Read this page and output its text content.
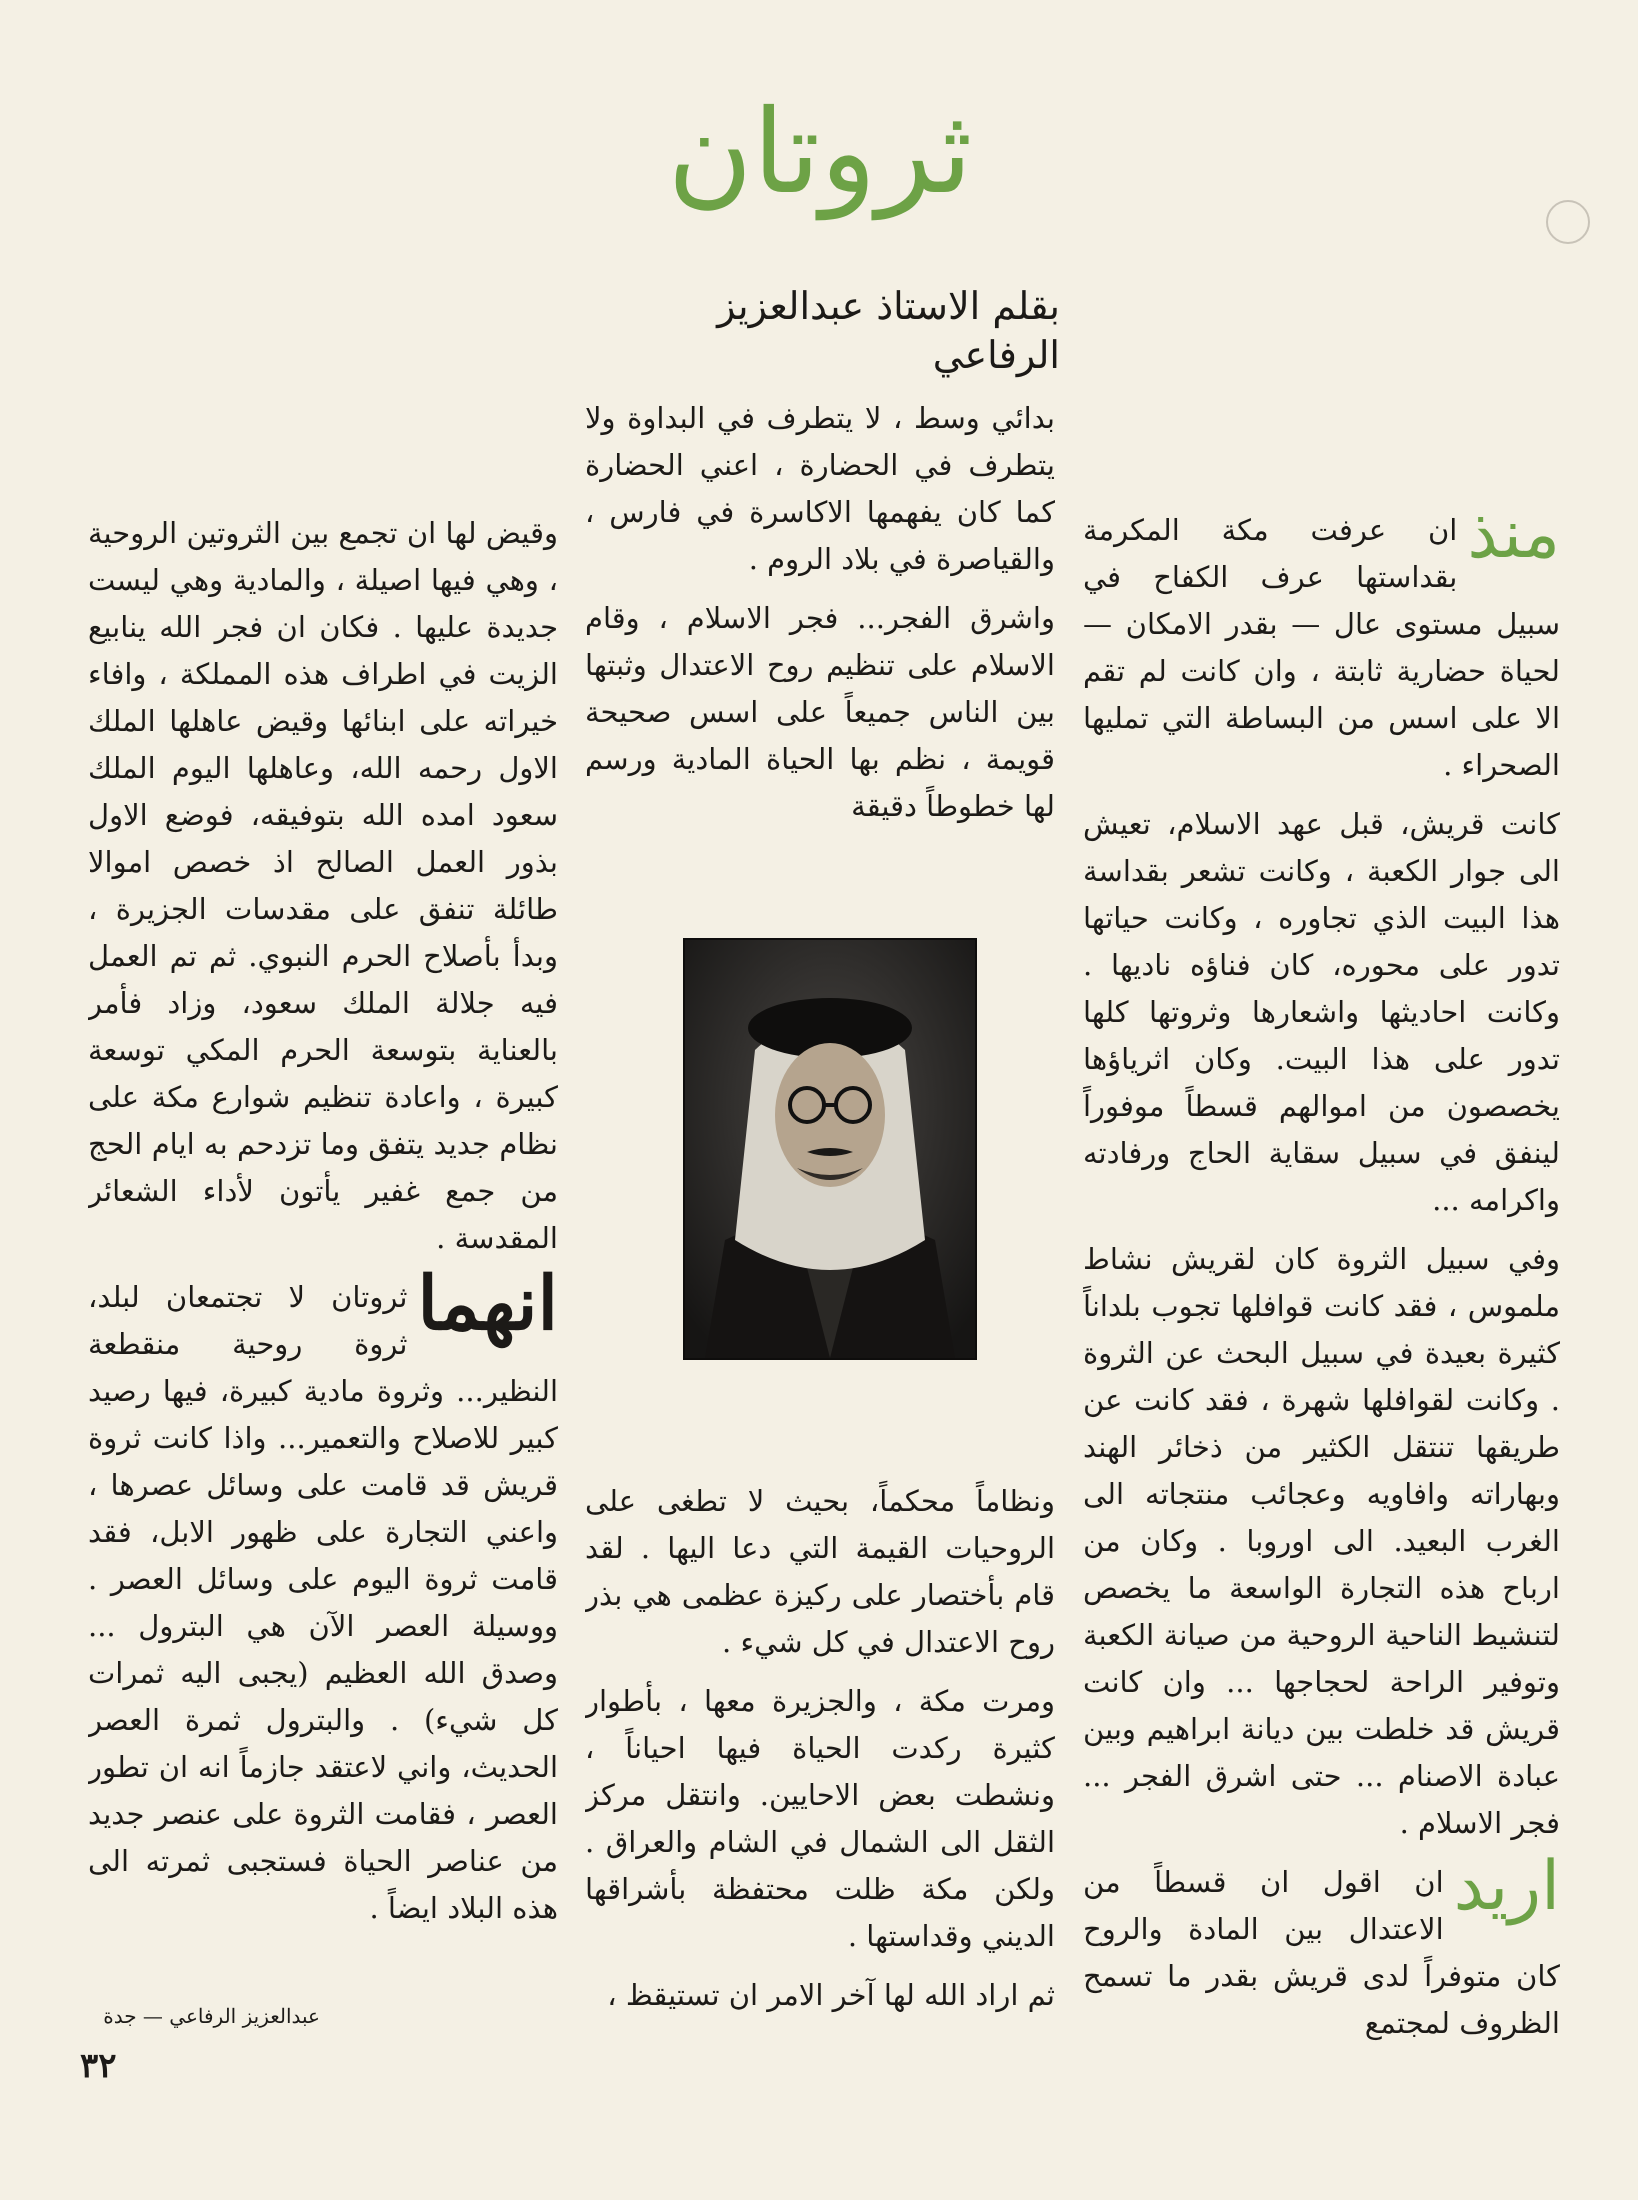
ثروتان
بقلم الاستاذ عبدالعزيز الرفاعي

منذ
ان عرفت مكة المكرمة بقداستها عرف الكفاح في سبيل مستوى عال — بقدر الامكان — لحياة حضارية ثابتة ، وان كانت لم تقم الا على اسس من البساطة التي تمليها الصحراء .

كانت قريش، قبل عهد الاسلام، تعيش الى جوار الكعبة ، وكانت تشعر بقداسة هذا البيت الذي تجاوره ، وكانت حياتها تدور على محوره، كان فناؤه ناديها . وكانت احاديثها واشعارها وثروتها كلها تدور على هذا البيت. وكان اثرياؤها يخصصون من اموالهم قسطاً موفوراً لينفق في سبيل سقاية الحاج ورفادته واكرامه ...

وفي سبيل الثروة كان لقريش نشاط ملموس ، فقد كانت قوافلها تجوب بلداناً كثيرة بعيدة في سبيل البحث عن الثروة . وكانت لقوافلها شهرة ، فقد كانت عن طريقها تنتقل الكثير من ذخائر الهند وبهاراته وافاويه وعجائب منتجاته الى الغرب البعيد. الى اوروبا . وكان من ارباح هذه التجارة الواسعة ما يخصص لتنشيط الناحية الروحية من صيانة الكعبة وتوفير الراحة لحجاجها ... وان كانت قريش قد خلطت بين ديانة ابراهيم وبين عبادة الاصنام ... حتى اشرق الفجر ... فجر الاسلام .

اريد
ان اقول ان قسطاً من الاعتدال بين المادة والروح كان متوفراً لدى قريش بقدر ما تسمح الظروف لمجتمع

بدائي وسط ، لا يتطرف في البداوة ولا يتطرف في الحضارة ، اعني الحضارة كما كان يفهمها الاكاسرة في فارس ، والقياصرة في بلاد الروم .

واشرق الفجر... فجر الاسلام ، وقام الاسلام على تنظيم روح الاعتدال وثبتها بين الناس جميعاً على اسس صحيحة قويمة ، نظم بها الحياة المادية ورسم لها خطوطاً دقيقة

ونظاماً محكماً، بحيث لا تطغى على الروحيات القيمة التي دعا اليها . لقد قام بأختصار على ركيزة عظمى هي بذر روح الاعتدال في كل شيء .

ومرت مكة ، والجزيرة معها ، بأطوار كثيرة ركدت الحياة فيها احياناً ، ونشطت بعض الاحايين. وانتقل مركز الثقل الى الشمال في الشام والعراق . ولكن مكة ظلت محتفظة بأشراقها الديني وقداستها .

ثم اراد الله لها آخر الامر ان تستيقظ ،

وقيض لها ان تجمع بين الثروتين الروحية ، وهي فيها اصيلة ، والمادية وهي ليست جديدة عليها . فكان ان فجر الله ينابيع الزيت في اطراف هذه المملكة ، وافاء خيراته على ابنائها وقيض عاهلها الملك الاول رحمه الله، وعاهلها اليوم الملك سعود امده الله بتوفيقه، فوضع الاول بذور العمل الصالح اذ خصص اموالا طائلة تنفق على مقدسات الجزيرة ، وبدأ بأصلاح الحرم النبوي. ثم تم العمل فيه جلالة الملك سعود، وزاد فأمر بالعناية بتوسعة الحرم المكي توسعة كبيرة ، واعادة تنظيم شوارع مكة على نظام جديد يتفق وما تزدحم به ايام الحج من جمع غفير يأتون لأداء الشعائر المقدسة .

انهما
ثروتان لا تجتمعان لبلد، ثروة روحية منقطعة النظير... وثروة مادية كبيرة، فيها رصيد كبير للاصلاح والتعمير... واذا كانت ثروة قريش قد قامت على وسائل عصرها ، واعني التجارة على ظهور الابل، فقد قامت ثروة اليوم على وسائل العصر . ووسيلة العصر الآن هي البترول ... وصدق الله العظيم (يجبى اليه ثمرات كل شيء) . والبترول ثمرة العصر الحديث، واني لاعتقد جازماً انه ان تطور العصر ، فقامت الثروة على عنصر جديد من عناصر الحياة فستجبى ثمرته الى هذه البلاد ايضاً .

عبدالعزيز الرفاعي — جدة
٣٢
